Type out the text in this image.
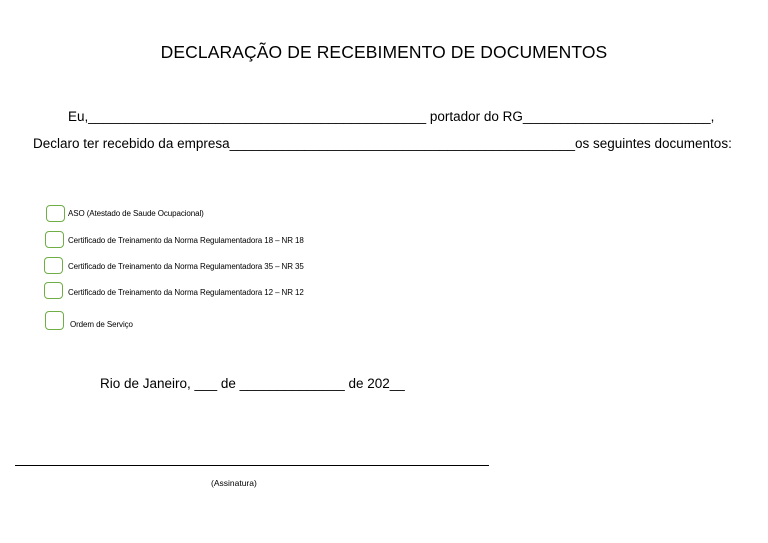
DECLARAÇÃO DE RECEBIMENTO DE DOCUMENTOS
Eu,_____________________________________________ portador do RG_________________________,
Declaro ter recebido da empresa______________________________________________os seguintes documentos:
ASO (Atestado de Saude Ocupacional)
Certificado de Treinamento da Norma Regulamentadora 18 – NR 18
Certificado de Treinamento da Norma Regulamentadora 35 – NR 35
Certificado de Treinamento da Norma Regulamentadora 12 – NR 12
Ordem de Serviço
Rio de Janeiro, ___ de ______________ de 202__
(Assinatura)
